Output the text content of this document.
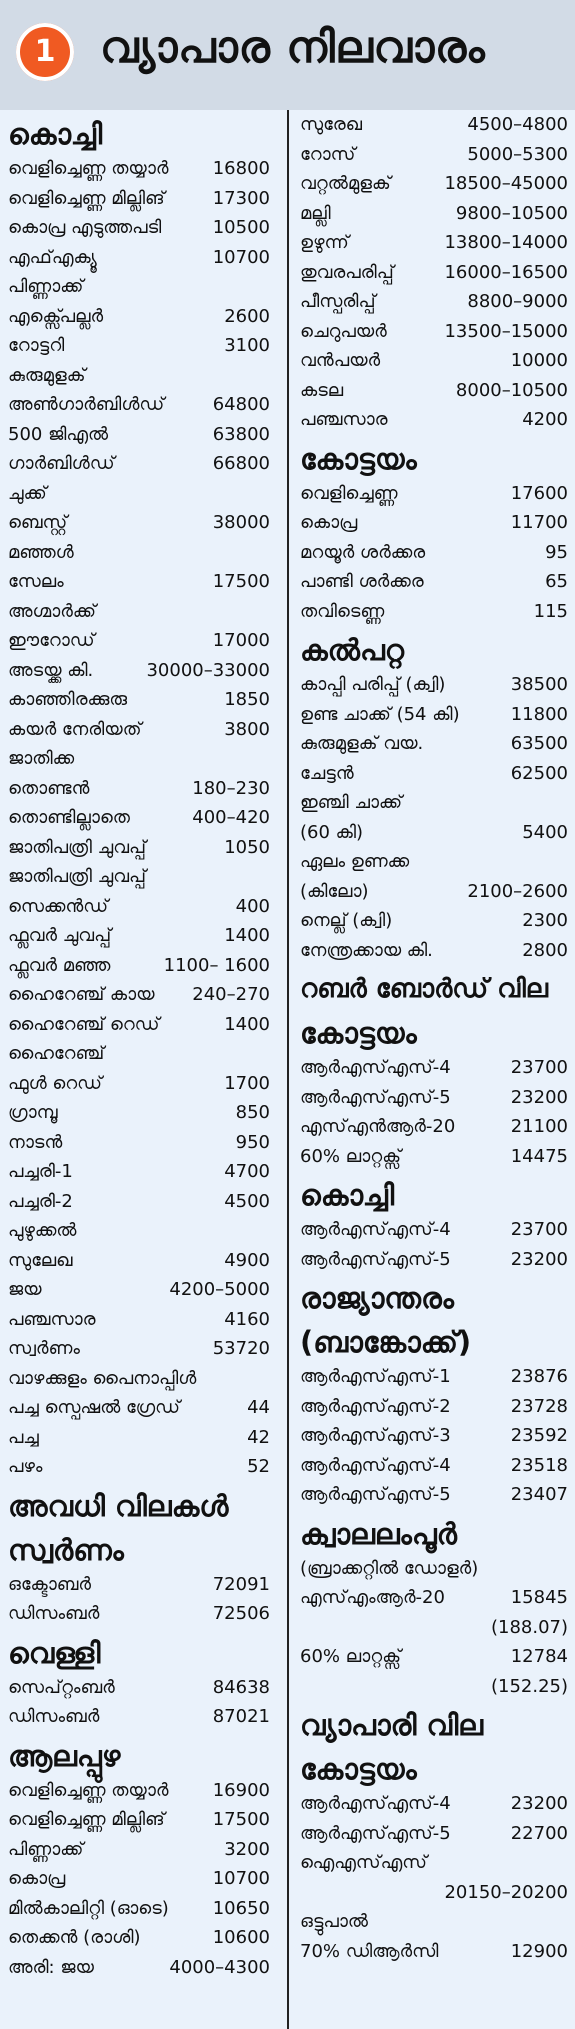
1	വ്യാപാര നിലവാരം
കൊച്ചി
വെളിച്ചെണ്ണ തയ്യാർ 16800
വെളിച്ചെണ്ണ മില്ലിങ്	17300
കൊപ്ര എടുത്തപടി	10500
എഫ്എക്യൂ	10700
പിണ്ണാക്ക്
എക്സ്പെല്ലർ	2600
റോട്ടറി	3100
കുരുമുളക്
അൺഗാർബിൾഡ്	64800
500 ജിഎൽ	63800
ഗാർബിൾഡ്	66800
ചുക്ക്
ബെസ്റ്റ്	38000
മഞ്ഞൾ
സേലം	17500
അഗ്മാർക്ക്
ഈറോഡ്	17000
അടയ്ക്ക കി.	30000–33000
കാഞ്ഞിരക്കുരു	1850
കയർ നേരിയത്	3800
ജാതിക്ക
തൊണ്ടൻ	180–230
തൊണ്ടില്ലാതെ	400–420
ജാതിപത്രി ചുവപ്പ്	1050
ജാതിപത്രി ചുവപ്പ്
സെക്കൻഡ്	400
ഫ്ലവർ ചുവപ്പ്	1400
ഫ്ലവർ മഞ്ഞ	1100– 1600
ഹൈറേഞ്ച് കായ 240–270
ഹൈറേഞ്ച് റെഡ്	1400
ഹൈറേഞ്ച്
ഫുൾ റെഡ്	1700
ഗ്രാമ്പൂ	850
നാടൻ	950
പച്ചരി-1	4700
പച്ചരി-2	4500
പുഴുക്കൽ
സുലേഖ	4900
ജയ	4200–5000
പഞ്ചസാര	4160
സ്വർണം	53720
വാഴക്കുളം പൈനാപ്പിൾ
പച്ച സ്പെഷൽ ഗ്രേഡ്	44
പച്ച	42
പഴം	52
അവധി വിലകൾ
സ്വർണം
ഒക്ടോബർ	72091
ഡിസംബർ	72506
വെള്ളി
സെപ്റ്റംബർ	84638
ഡിസംബർ	87021
ആലപ്പുഴ
വെളിച്ചെണ്ണ തയ്യാർ 16900
വെളിച്ചെണ്ണ മില്ലിങ്	17500
പിണ്ണാക്ക്	3200
കൊപ്ര	10700
മിൽകാലിറ്റി (ഓടെ) 10650
തെക്കൻ (രാശി)	10600
അരി: ജയ	4000–4300
സുരേഖ	4500–4800
റോസ്	5000–5300
വറ്റൽമുളക്	18500–45000
മല്ലി	9800–10500
ഉഴുന്ന്	13800–14000
തുവരപരിപ്പ്	16000–16500
പീസ്പരിപ്പ്	8800–9000
ചെറുപയർ	13500–15000
വൻപയർ	10000
കടല	8000–10500
പഞ്ചസാര	4200
കോട്ടയം
വെളിച്ചെണ്ണ	17600
കൊപ്ര	11700
മറയൂർ ശർക്കര	95
പാണ്ടി ശർക്കര	65
തവിടെണ്ണ	115
കൽപറ്റ
കാപ്പി പരിപ്പ് (ക്വി)	38500
ഉണ്ട ചാക്ക് (54 കി)	11800
കുരുമുളക് വയ.	63500
ചേട്ടൻ	62500
ഇഞ്ചി ചാക്ക്
(60 കി)	5400
ഏലം ഉണക്ക
(കിലോ)	2100–2600
നെല്ല് (ക്വി)	2300
നേന്ത്രക്കായ കി.	2800
റബർ ബോർഡ് വില
കോട്ടയം
ആർഎസ്എസ്-4	23700
ആർഎസ്എസ്-5	23200
എസ്എൻആർ-20	21100
60% ലാറ്റക്സ്	14475
കൊച്ചി
ആർഎസ്എസ്-4	23700
ആർഎസ്എസ്-5	23200
രാജ്യാന്തരം
(ബാങ്കോക്ക്)
ആർഎസ്എസ്-1	23876
ആർഎസ്എസ്-2	23728
ആർഎസ്എസ്-3	23592
ആർഎസ്എസ്-4	23518
ആർഎസ്എസ്-5	23407
ക്വാലലംപൂർ
(ബ്രാക്കറ്റിൽ ഡോളർ)
എസ്എംആർ-20	15845
(188.07)
60% ലാറ്റക്സ്	12784
(152.25)
വ്യാപാരി വില
കോട്ടയം
ആർഎസ്എസ്-4	23200
ആർഎസ്എസ്-5	22700
ഐഎസ്എസ്
20150–20200
ഒട്ടുപാൽ
70% ഡിആർസി	12900
